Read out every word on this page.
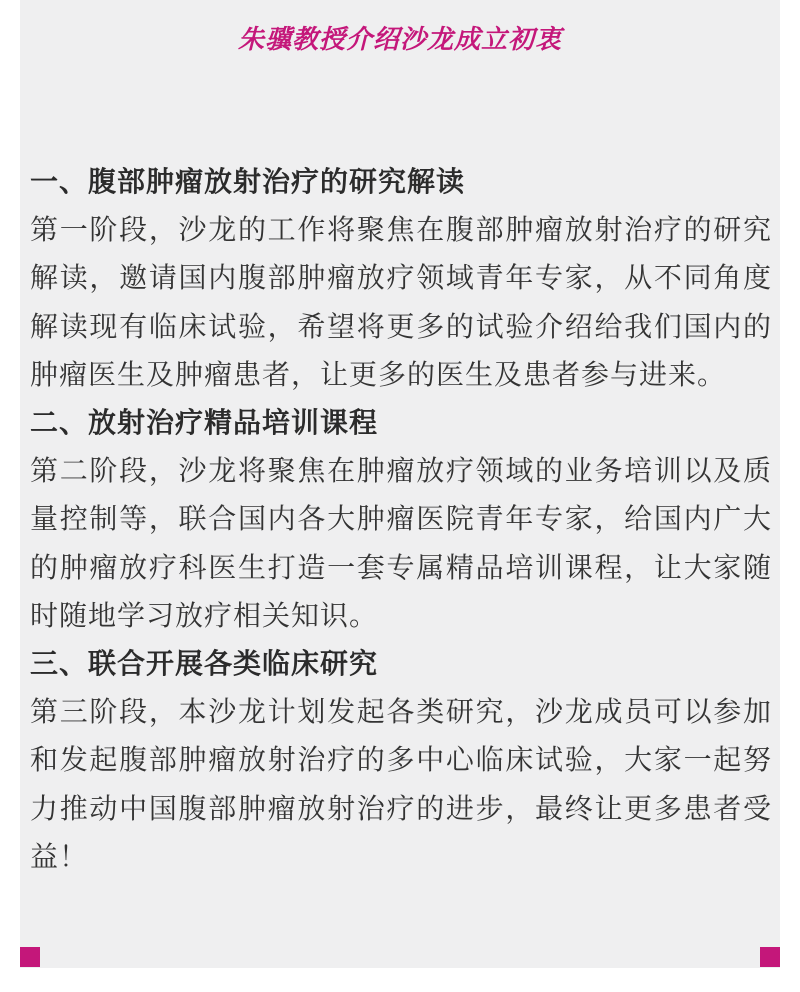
朱骥教授介绍沙龙成立初衷

一、腹部肿瘤放射治疗的研究解读

第一阶段，沙龙的工作将聚焦在腹部肿瘤放射治疗的研究解读，邀请国内腹部肿瘤放疗领域青年专家，从不同角度解读现有临床试验，希望将更多的试验介绍给我们国内的肿瘤医生及肿瘤患者，让更多的医生及患者参与进来。

二、放射治疗精品培训课程

第二阶段，沙龙将聚焦在肿瘤放疗领域的业务培训以及质量控制等，联合国内各大肿瘤医院青年专家，给国内广大的肿瘤放疗科医生打造一套专属精品培训课程，让大家随时随地学习放疗相关知识。

三、联合开展各类临床研究

第三阶段，本沙龙计划发起各类研究，沙龙成员可以参加和发起腹部肿瘤放射治疗的多中心临床试验，大家一起努力推动中国腹部肿瘤放射治疗的进步，最终让更多患者受益！
